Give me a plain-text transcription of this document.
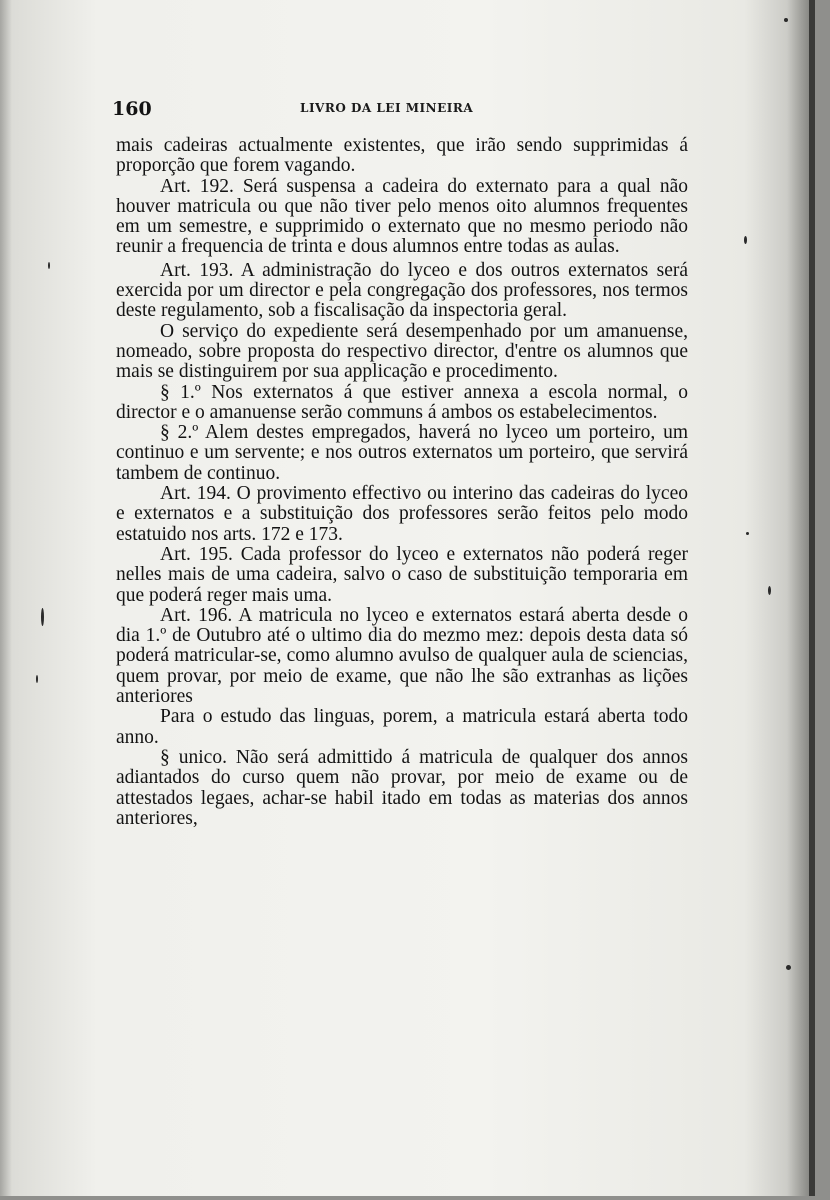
160	LIVRO DA LEI MINEIRA

mais cadeiras actualmente existentes, que irão sendo supprimidas á proporção que forem vagando.

Art. 192. Será suspensa a cadeira do externato para a qual não houver matricula ou que não tiver pelo menos oito alumnos frequentes em um semestre, e supprimido o externato que no mesmo periodo não reunir a frequencia de trinta e dous alumnos entre todas as aulas.

Art. 193. A administração do lyceo e dos outros externatos será exercida por um director e pela congregação dos professores, nos termos deste regulamento, sob a fiscalisação da inspectoria geral.

O serviço do expediente será desempenhado por um amanuense, nomeado, sobre proposta do respectivo director, d'entre os alumnos que mais se distinguirem por sua applicação e procedimento.

§ 1.º Nos externatos á que estiver annexa a escola normal, o director e o amanuense serão communs á ambos os estabelecimentos.

§ 2.º Alem destes empregados, haverá no lyceo um porteiro, um continuo e um servente; e nos outros externatos um porteiro, que servirá tambem de continuo.

Art. 194. O provimento effectivo ou interino das cadeiras do lyceo e externatos e a substituição dos professores serão feitos pelo modo estatuido nos arts. 172 e 173.

Art. 195. Cada professor do lyceo e externatos não poderá reger nelles mais de uma cadeira, salvo o caso de substituição temporaria em que poderá reger mais uma.

Art. 196. A matricula no lyceo e externatos estará aberta desde o dia 1.º de Outubro até o ultimo dia do mezmo mez: depois desta data só poderá matricular-se, como alumno avulso de qualquer aula de sciencias, quem provar, por meio de exame, que não lhe são extranhas as lições anteriores

Para o estudo das linguas, porem, a matricula estará aberta todo anno.

§ unico. Não será admittido á matricula de qualquer dos annos adiantados do curso quem não provar, por meio de exame ou de attestados legaes, achar-se habil itado em todas as materias dos annos anteriores,
